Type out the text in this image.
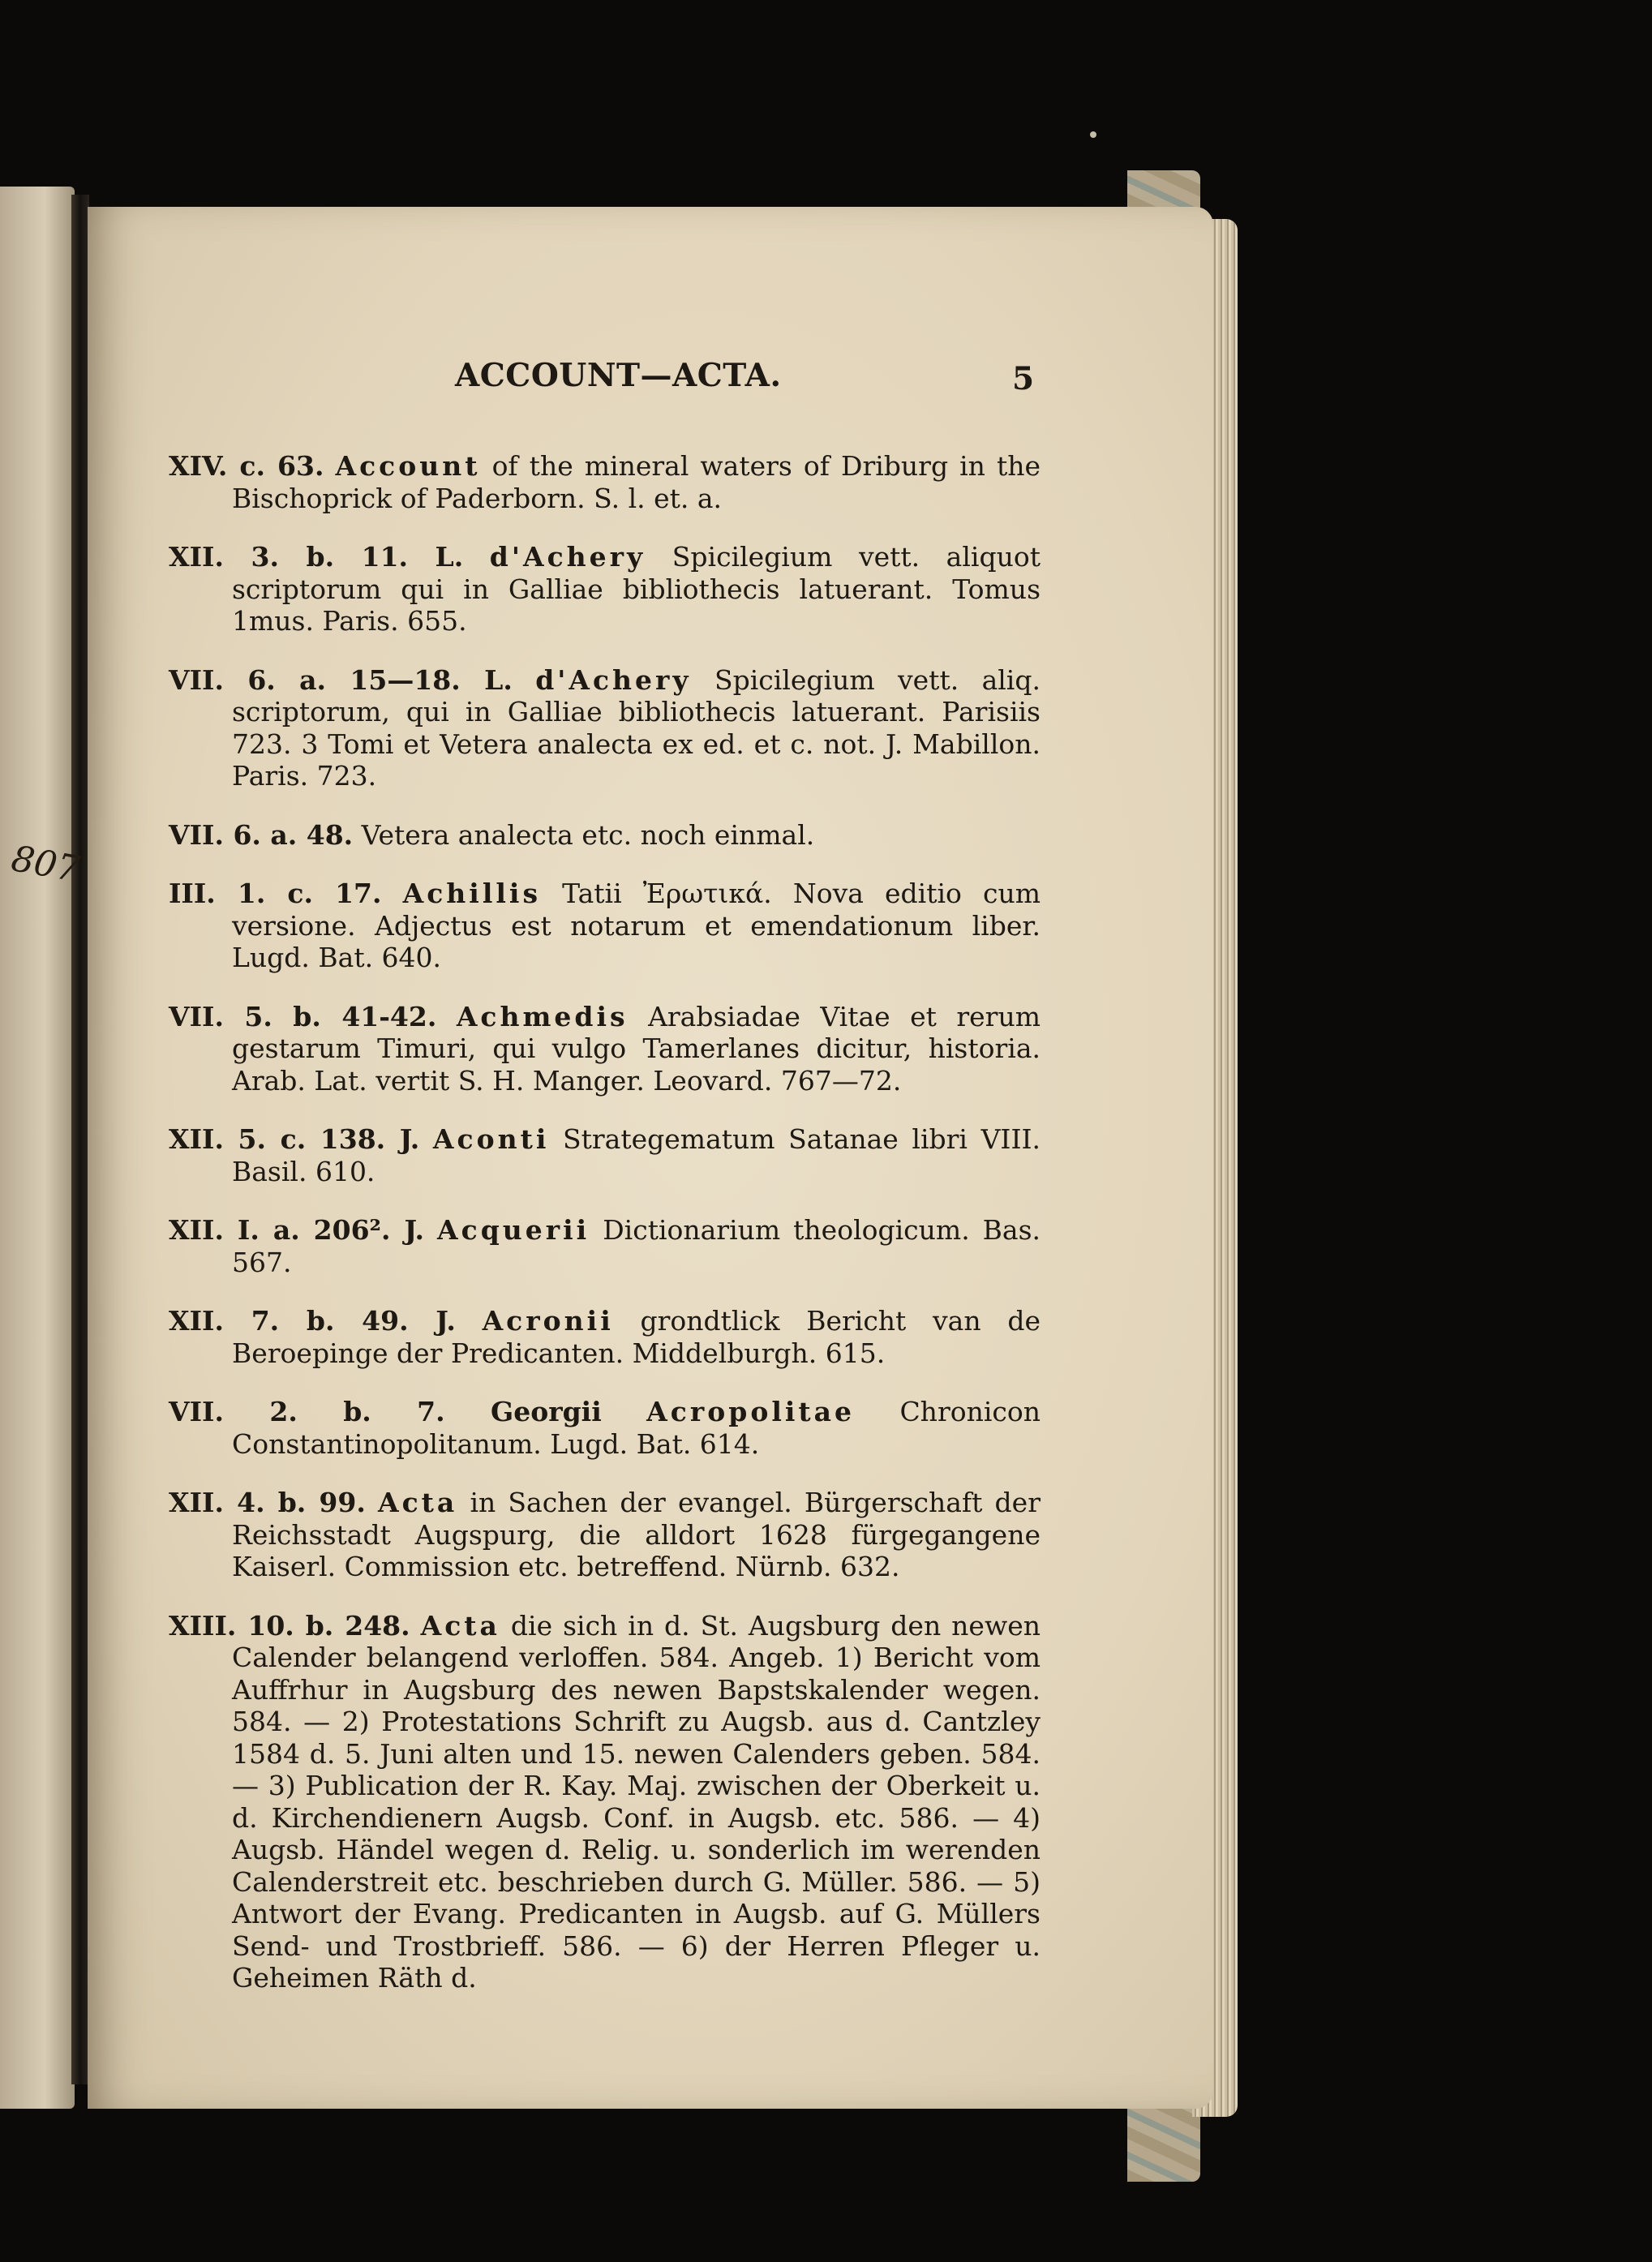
807
ACCOUNT—ACTA.	5

XIV. c. 63. Account of the mineral waters of Driburg in the Bischoprick of Paderborn. S. l. et. a.

XII. 3. b. 11. L. d'Achery Spicilegium vett. aliquot scriptorum qui in Galliae bibliothecis latuerant. Tomus 1mus. Paris. 655.

VII. 6. a. 15—18. L. d'Achery Spicilegium vett. aliq. scriptorum, qui in Galliae bibliothecis latuerant. Parisiis 723. 3 Tomi et Vetera analecta ex ed. et c. not. J. Mabillon. Paris. 723.

VII. 6. a. 48. Vetera analecta etc. noch einmal.

III. 1. c. 17. Achillis Tatii Ἐρωτικά. Nova editio cum versione. Adjectus est notarum et emendationum liber. Lugd. Bat. 640.

VII. 5. b. 41-42. Achmedis Arabsiadae Vitae et rerum gestarum Timuri, qui vulgo Tamerlanes dicitur, historia. Arab. Lat. vertit S. H. Manger. Leovard. 767—72.

XII. 5. c. 138. J. Aconti Strategematum Satanae libri VIII. Basil. 610.

XII. I. a. 206². J. Acquerii Dictionarium theologicum. Bas. 567.

XII. 7. b. 49. J. Acronii grondtlick Bericht van de Beroepinge der Predicanten. Middelburgh. 615.

VII. 2. b. 7. Georgii Acropolitae Chronicon Constantinopolitanum. Lugd. Bat. 614.

XII. 4. b. 99. Acta in Sachen der evangel. Bürgerschaft der Reichsstadt Augspurg, die alldort 1628 fürgegangene Kaiserl. Commission etc. betreffend. Nürnb. 632.

XIII. 10. b. 248. Acta die sich in d. St. Augsburg den newen Calender belangend verloffen. 584. Angeb. 1) Bericht vom Auffrhur in Augsburg des newen Bapstskalender wegen. 584. — 2) Protestations Schrift zu Augsb. aus d. Cantzley 1584 d. 5. Juni alten und 15. newen Calenders geben. 584. — 3) Publication der R. Kay. Maj. zwischen der Oberkeit u. d. Kirchendienern Augsb. Conf. in Augsb. etc. 586. — 4) Augsb. Händel wegen d. Relig. u. sonderlich im werenden Calenderstreit etc. beschrieben durch G. Müller. 586. — 5) Antwort der Evang. Predicanten in Augsb. auf G. Müllers Send- und Trostbrieff. 586. — 6) der Herren Pfleger u. Geheimen Räth d.
